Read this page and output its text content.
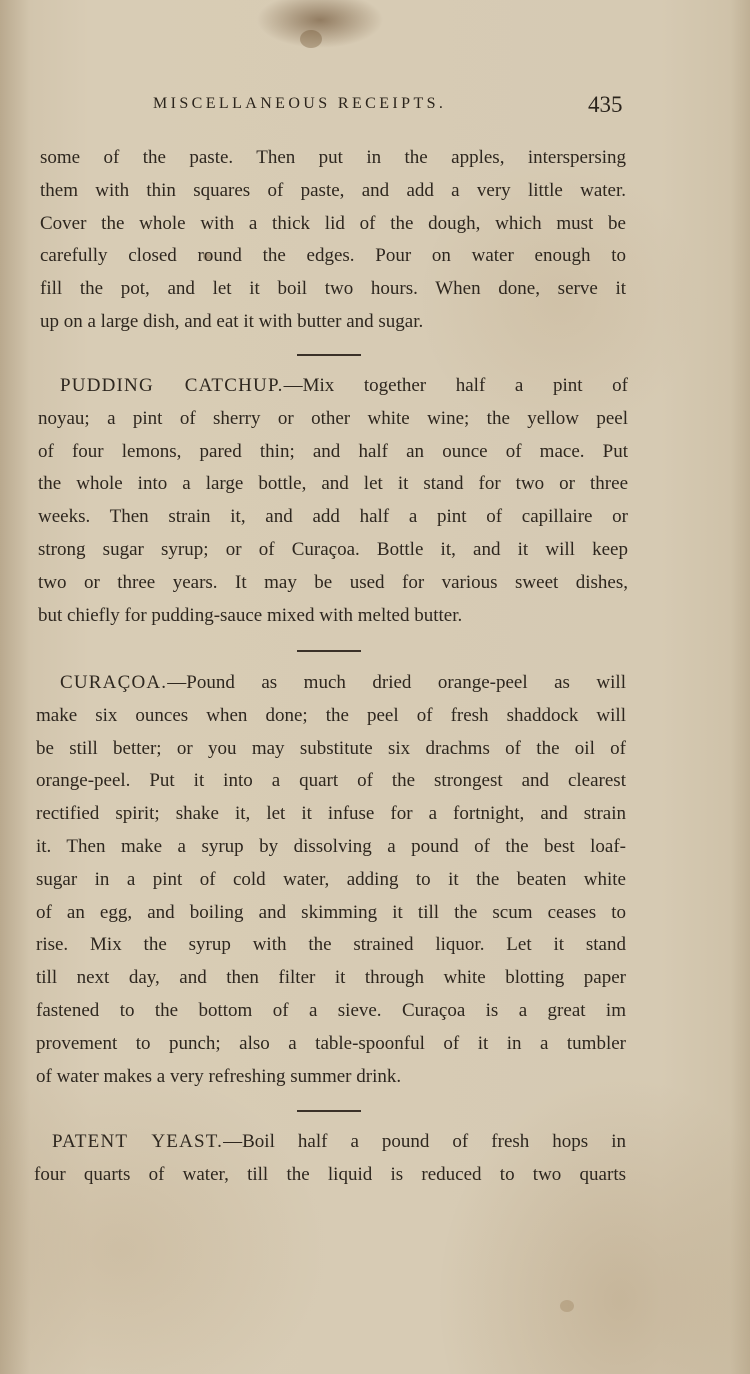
MISCELLANEOUS RECEIPTS.	435
some of the paste. Then put in the apples, interspersing
them with thin squares of paste, and add a very little water.
Cover the whole with a thick lid of the dough, which must be
carefully closed round the edges. Pour on water enough to
fill the pot, and let it boil two hours. When done, serve it
up on a large dish, and eat it with butter and sugar.
PUDDING CATCHUP.—Mix together half a pint of
noyau; a pint of sherry or other white wine; the yellow peel
of four lemons, pared thin; and half an ounce of mace. Put
the whole into a large bottle, and let it stand for two or three
weeks. Then strain it, and add half a pint of capillaire or
strong sugar syrup; or of Curaçoa. Bottle it, and it will keep
two or three years. It may be used for various sweet dishes,
but chiefly for pudding-sauce mixed with melted butter.
CURAÇOA.—Pound as much dried orange-peel as will
make six ounces when done; the peel of fresh shaddock will
be still better; or you may substitute six drachms of the oil of
orange-peel. Put it into a quart of the strongest and clearest
rectified spirit; shake it, let it infuse for a fortnight, and strain
it. Then make a syrup by dissolving a pound of the best loaf-
sugar in a pint of cold water, adding to it the beaten white
of an egg, and boiling and skimming it till the scum ceases to
rise. Mix the syrup with the strained liquor. Let it stand
till next day, and then filter it through white blotting paper
fastened to the bottom of a sieve. Curaçoa is a great im
provement to punch; also a table-spoonful of it in a tumbler
of water makes a very refreshing summer drink.
PATENT YEAST.—Boil half a pound of fresh hops in
four quarts of water, till the liquid is reduced to two quarts
